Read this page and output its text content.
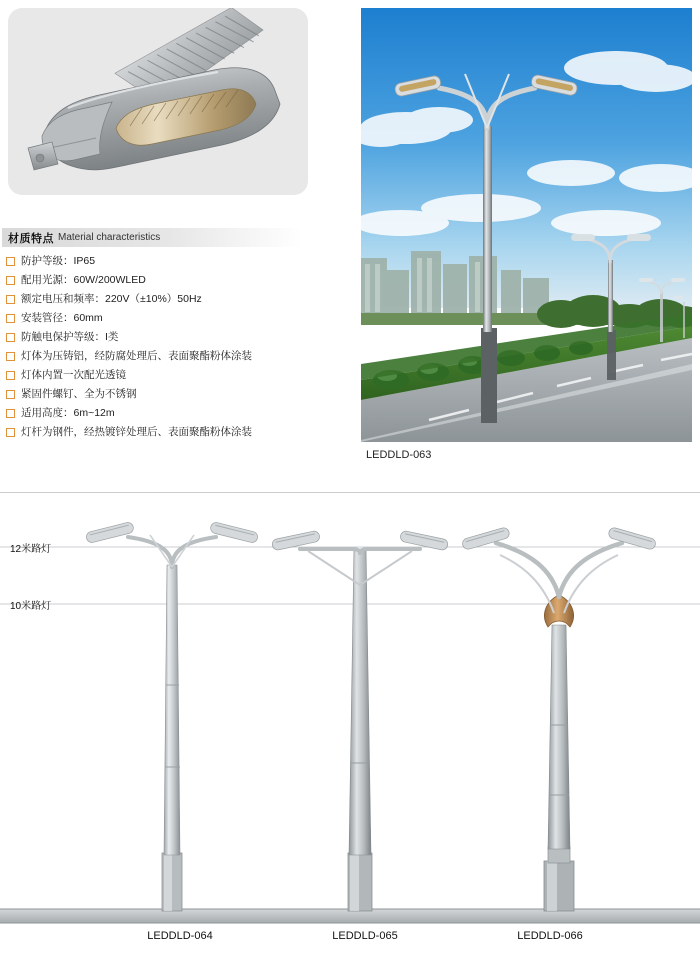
材质特点 Material characteristics
防护等级：IP65
配用光源：60W/200WLED
额定电压和频率：220V（±10%）50Hz
安装管径：60mm
防触电保护等级：I类
灯体为压铸铝，经防腐处理后、表面聚酯粉体涂装
灯体内置一次配光透镜
紧固件螺钉、全为不锈钢
适用高度：6m~12m
灯杆为钢件，经热镀锌处理后、表面聚酯粉体涂装
LEDDLD-063
12米路灯
10米路灯
LEDDLD-064	LEDDLD-065	LEDDLD-066
